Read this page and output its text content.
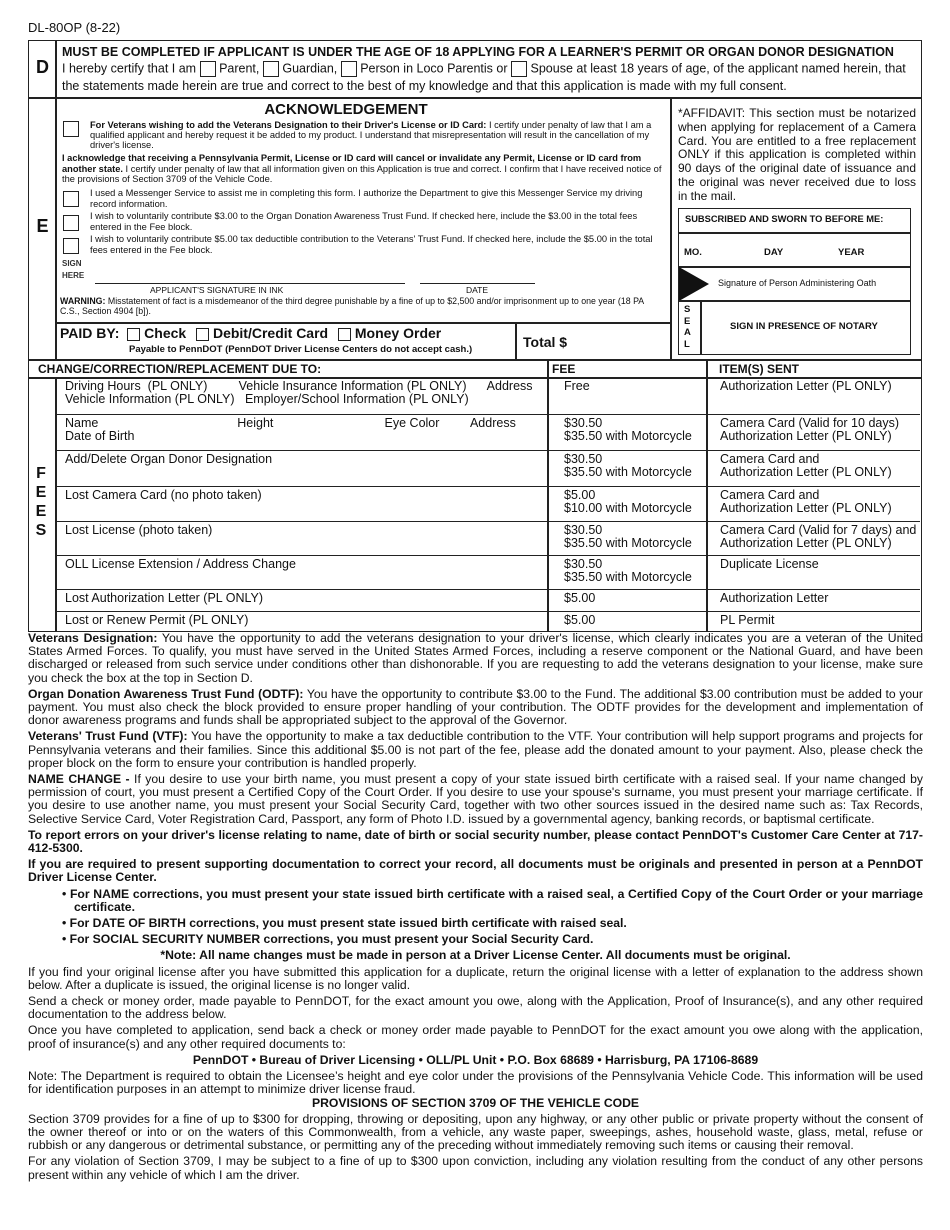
DL-80OP (8-22)
D
MUST BE COMPLETED IF APPLICANT IS UNDER THE AGE OF 18 APPLYING FOR A LEARNER'S PERMIT OR ORGAN DONOR DESIGNATION
I hereby certify that I am Parent, Guardian, Person in Loco Parentis or Spouse at least 18 years of age, of the applicant named herein, that
the statements made herein are true and correct to the best of my knowledge and that this application is made with my full consent.
E
ACKNOWLEDGEMENT
For Veterans wishing to add the Veterans Designation to their Driver's License or ID Card: I certify under penalty of law that I am a qualified applicant and hereby request it be added to my product. I understand that misrepresentation will result in the cancellation of my driver's license.
I acknowledge that receiving a Pennsylvania Permit, License or ID card will cancel or invalidate any Permit, License or ID card from another state. I certify under penalty of law that all information given on this Application is true and correct. I confirm that I have received notice of the provisions of Section 3709 of the Vehicle Code.
I used a Messenger Service to assist me in completing this form. I authorize the Department to give this Messenger Service my driving record information.
I wish to voluntarily contribute $3.00 to the Organ Donation Awareness Trust Fund. If checked here, include the $3.00 in the total fees entered in the Fee block.
I wish to voluntarily contribute $5.00 tax deductible contribution to the Veterans' Trust Fund. If checked here, include the $5.00 in the total fees entered in the Fee block.
SIGN HERE
APPLICANT'S SIGNATURE IN INK	DATE
WARNING: Misstatement of fact is a misdemeanor of the third degree punishable by a fine of up to $2,500 and/or imprisonment up to one year (18 PA C.S., Section 4904 [b]).
PAID BY: Check Debit/Credit Card Money Order
Payable to PennDOT (PennDOT Driver License Centers do not accept cash.)	Total $
*AFFIDAVIT: This section must be notarized when applying for replacement of a Camera Card. You are entitled to a free replacement ONLY if this application is completed within 90 days of the original date of issuance and the original was never received due to loss in the mail.
SUBSCRIBED AND SWORN TO BEFORE ME:
MO.	DAY	YEAR
Signature of Person Administering Oath
SEAL
SIGN IN PRESENCE OF NOTARY
CHANGE/CORRECTION/REPLACEMENT DUE TO:	FEE	ITEM(S) SENT
FEES
Driving Hours  (PL ONLY)         Vehicle Insurance Information (PL ONLY)      Address
Vehicle Information (PL ONLY)   Employer/School Information (PL ONLY)
Free	Authorization Letter (PL ONLY)
Name                                        Height                                Eye Color         Address
Date of Birth
$30.50
$35.50 with Motorcycle
Camera Card (Valid for 10 days)
Authorization Letter (PL ONLY)
Add/Delete Organ Donor Designation	$30.50
$35.50 with Motorcycle
Camera Card and
Authorization Letter (PL ONLY)
Lost Camera Card (no photo taken)	$5.00
$10.00 with Motorcycle
Camera Card and
Authorization Letter (PL ONLY)
Lost License (photo taken)	$30.50
$35.50 with Motorcycle
Camera Card (Valid for 7 days) and
Authorization Letter (PL ONLY)
OLL License Extension / Address Change	$30.50
$35.50 with Motorcycle
Duplicate License
Lost Authorization Letter (PL ONLY)	$5.00	Authorization Letter
Lost or Renew Permit (PL ONLY)	$5.00	PL Permit

Veterans Designation: You have the opportunity to add the veterans designation to your driver's license, which clearly indicates you are a veteran of the United States Armed Forces. To qualify, you must have served in the United States Armed Forces, including a reserve component or the National Guard, and have been discharged or released from such service under conditions other than dishonorable. If you are requesting to add the veterans designation to your license, make sure you check the box at the top in Section D.

Organ Donation Awareness Trust Fund (ODTF): You have the opportunity to contribute $3.00 to the Fund. The additional $3.00 contribution must be added to your payment. You must also check the block provided to ensure proper handling of your contribution. The ODTF provides for the development and implementation of donor awareness programs and funds shall be appropriated subject to the approval of the Governor.

Veterans' Trust Fund (VTF): You have the opportunity to make a tax deductible contribution to the VTF. Your contribution will help support programs and projects for Pennsylvania veterans and their families. Since this additional $5.00 is not part of the fee, please add the donated amount to your payment. Also, please check the proper block on the form to ensure your contribution is handled properly.

NAME CHANGE - If you desire to use your birth name, you must present a copy of your state issued birth certificate with a raised seal. If your name changed by permission of court, you must present a Certified Copy of the Court Order. If you desire to use your spouse's surname, you must present your marriage certificate. If you desire to use another name, you must present your Social Security Card, together with two other sources issued in the desired name such as: Tax Records, Selective Service Card, Voter Registration Card, Passport, any form of Photo I.D. issued by a governmental agency, banking records, or baptismal certificate.

To report errors on your driver's license relating to name, date of birth or social security number, please contact PennDOT's Customer Care Center at 717-412-5300.

If you are required to present supporting documentation to correct your record, all documents must be originals and presented in person at a PennDOT Driver License Center.

• For NAME corrections, you must present your state issued birth certificate with a raised seal, a Certified Copy of the Court Order or your marriage certificate.

• For DATE OF BIRTH corrections, you must present state issued birth certificate with raised seal.

• For SOCIAL SECURITY NUMBER corrections, you must present your Social Security Card.

*Note: All name changes must be made in person at a Driver License Center. All documents must be original.

If you find your original license after you have submitted this application for a duplicate, return the original license with a letter of explanation to the address shown below. After a duplicate is issued, the original license is no longer valid.

Send a check or money order, made payable to PennDOT, for the exact amount you owe, along with the Application, Proof of Insurance(s), and any other required documentation to the address below.

Once you have completed to application, send back a check or money order made payable to PennDOT for the exact amount you owe along with the application, proof of insurance(s) and any other required documents to:

PennDOT • Bureau of Driver Licensing • OLL/PL Unit • P.O. Box 68689 • Harrisburg, PA 17106-8689

Note: The Department is required to obtain the Licensee’s height and eye color under the provisions of the Pennsylvania Vehicle Code. This information will be used for identification purposes in an attempt to minimize driver license fraud.

PROVISIONS OF SECTION 3709 OF THE VEHICLE CODE

Section 3709 provides for a fine of up to $300 for dropping, throwing or depositing, upon any highway, or any other public or private property without the consent of the owner thereof or into or on the waters of this Commonwealth, from a vehicle, any waste paper, sweepings, ashes, household waste, glass, metal, refuse or rubbish or any dangerous or detrimental substance, or permitting any of the preceding without immediately removing such items or causing their removal.

For any violation of Section 3709, I may be subject to a fine of up to $300 upon conviction, including any violation resulting from the conduct of any other persons present within any vehicle of which I am the driver.
